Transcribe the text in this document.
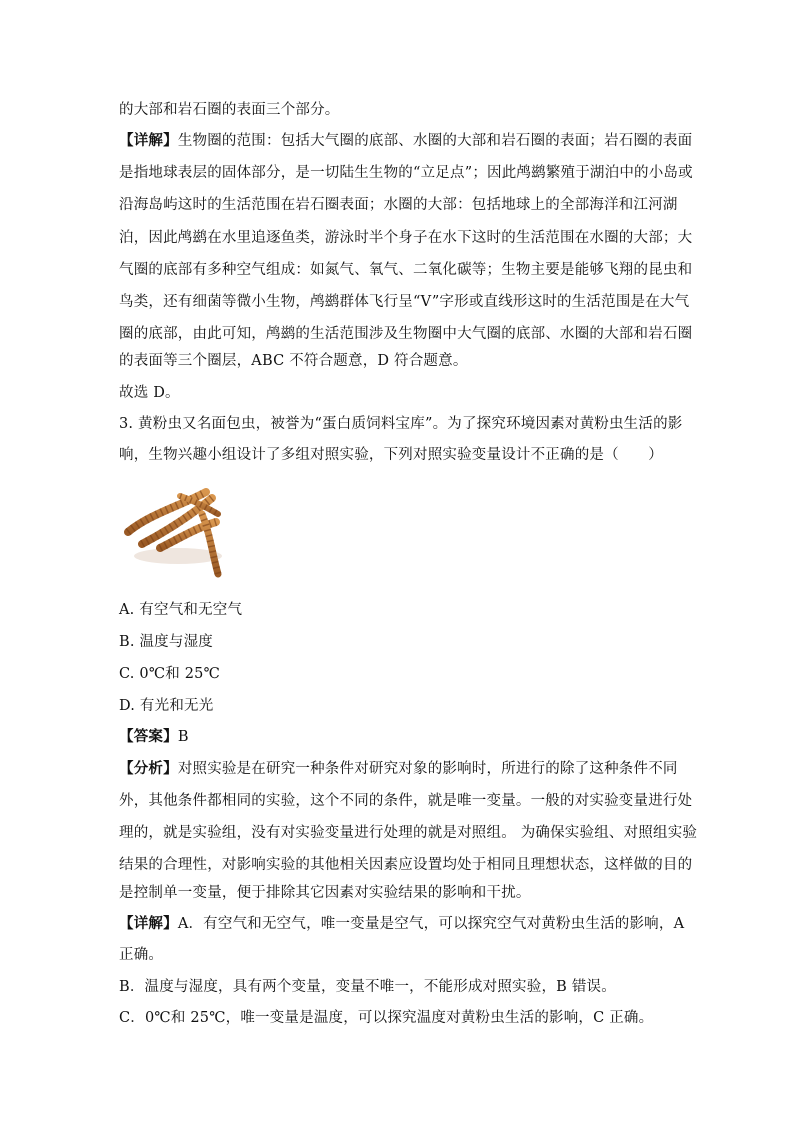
的大部和岩石圈的表面三个部分。
【详解】生物圈的范围：包括大气圈的底部、水圈的大部和岩石圈的表面；岩石圈的表面
是指地球表层的固体部分，是一切陆生生物的“立足点”；因此鸬鹚繁殖于湖泊中的小岛或
沿海岛屿这时的生活范围在岩石圈表面；水圈的大部：包括地球上的全部海洋和江河湖
泊，因此鸬鹚在水里追逐鱼类，游泳时半个身子在水下这时的生活范围在水圈的大部；大
气圈的底部有多种空气组成：如氮气、氧气、二氧化碳等；生物主要是能够飞翔的昆虫和
鸟类，还有细菌等微小生物，鸬鹚群体飞行呈“V”字形或直线形这时的生活范围是在大气
圈的底部，由此可知，鸬鹚的生活范围涉及生物圈中大气圈的底部、水圈的大部和岩石圈
的表面等三个圈层，ABC 不符合题意，D 符合题意。
故选 D。
3. 黄粉虫又名面包虫，被誉为“蛋白质饲料宝库”。为了探究环境因素对黄粉虫生活的影
响，生物兴趣小组设计了多组对照实验，下列对照实验变量设计不正确的是（　　）
A. 有空气和无空气
B. 温度与湿度
C. 0℃和 25℃
D. 有光和无光
【答案】B
【分析】对照实验是在研究一种条件对研究对象的影响时，所进行的除了这种条件不同
外，其他条件都相同的实验，这个不同的条件，就是唯一变量。一般的对实验变量进行处
理的，就是实验组，没有对实验变量进行处理的就是对照组。 为确保实验组、对照组实验
结果的合理性，对影响实验的其他相关因素应设置均处于相同且理想状态，这样做的目的
是控制单一变量，便于排除其它因素对实验结果的影响和干扰。
【详解】A．有空气和无空气，唯一变量是空气，可以探究空气对黄粉虫生活的影响，A
正确。
B．温度与湿度，具有两个变量，变量不唯一，不能形成对照实验，B 错误。
C．0℃和 25℃，唯一变量是温度，可以探究温度对黄粉虫生活的影响，C 正确。
